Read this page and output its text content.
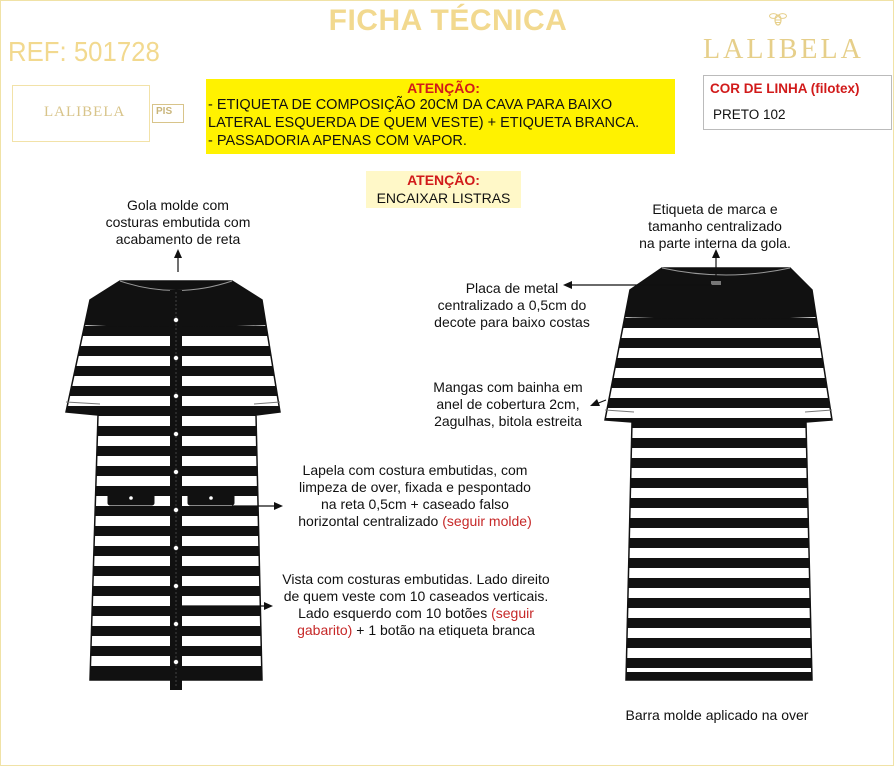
FICHA TÉCNICA
REF: 501728	LALIBELA
LALIBELA	PIS
ATENÇÃO:
- ETIQUETA DE COMPOSIÇÃO 20CM DA CAVA PARA BAIXO
LATERAL ESQUERDA DE QUEM VESTE) + ETIQUETA BRANCA.
- PASSADORIA APENAS COM VAPOR.
COR DE LINHA (filotex)
PRETO 102
ATENÇÃO:
ENCAIXAR LISTRAS
Gola molde com
costuras embutida com
acabamento de reta
Etiqueta de marca e
tamanho centralizado
na parte interna da gola.
Placa de metal
centralizado a 0,5cm do
decote para baixo costas
Mangas com bainha em
anel de cobertura 2cm,
2agulhas, bitola estreita
Lapela com costura embutidas, com
limpeza de over, fixada e pespontado
na reta 0,5cm + caseado falso
horizontal centralizado (seguir molde)
Vista com costuras embutidas. Lado direito
de quem veste com 10 caseados verticais.
Lado esquerdo com 10 botões (seguir
gabarito) + 1 botão na etiqueta branca
Barra molde aplicado na over
